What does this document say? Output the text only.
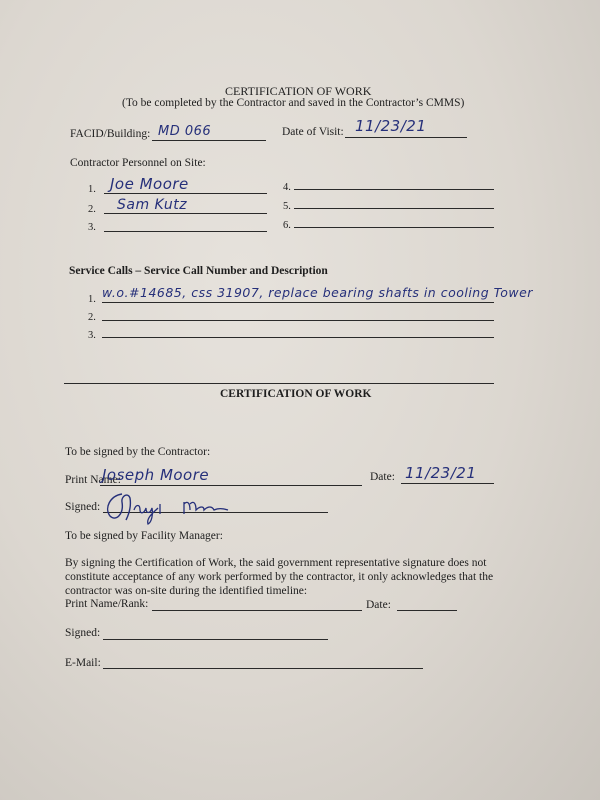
CERTIFICATION OF WORK
(To be completed by the Contractor and saved in the Contractor’s CMMS)
FACID/Building: MD 066	Date of Visit: 11/23/21
Contractor Personnel on Site:
1. Joe Moore
2. Sam Kutz
3.
4.
5.
6.
Service Calls – Service Call Number and Description
1. w.o.#14685, css 31907, replace bearing shafts in cooling Tower
2.
3.
CERTIFICATION OF WORK
To be signed by the Contractor:
Print Name:
Joseph Moore	Date: 11/23/21
Signed:
To be signed by Facility Manager:
By signing the Certification of Work, the said government representative signature does not
constitute acceptance of any work performed by the contractor, it only acknowledges that the
contractor was on-site during the identified timeline:
Print Name/Rank:	Date:
Signed:
E-Mail:
